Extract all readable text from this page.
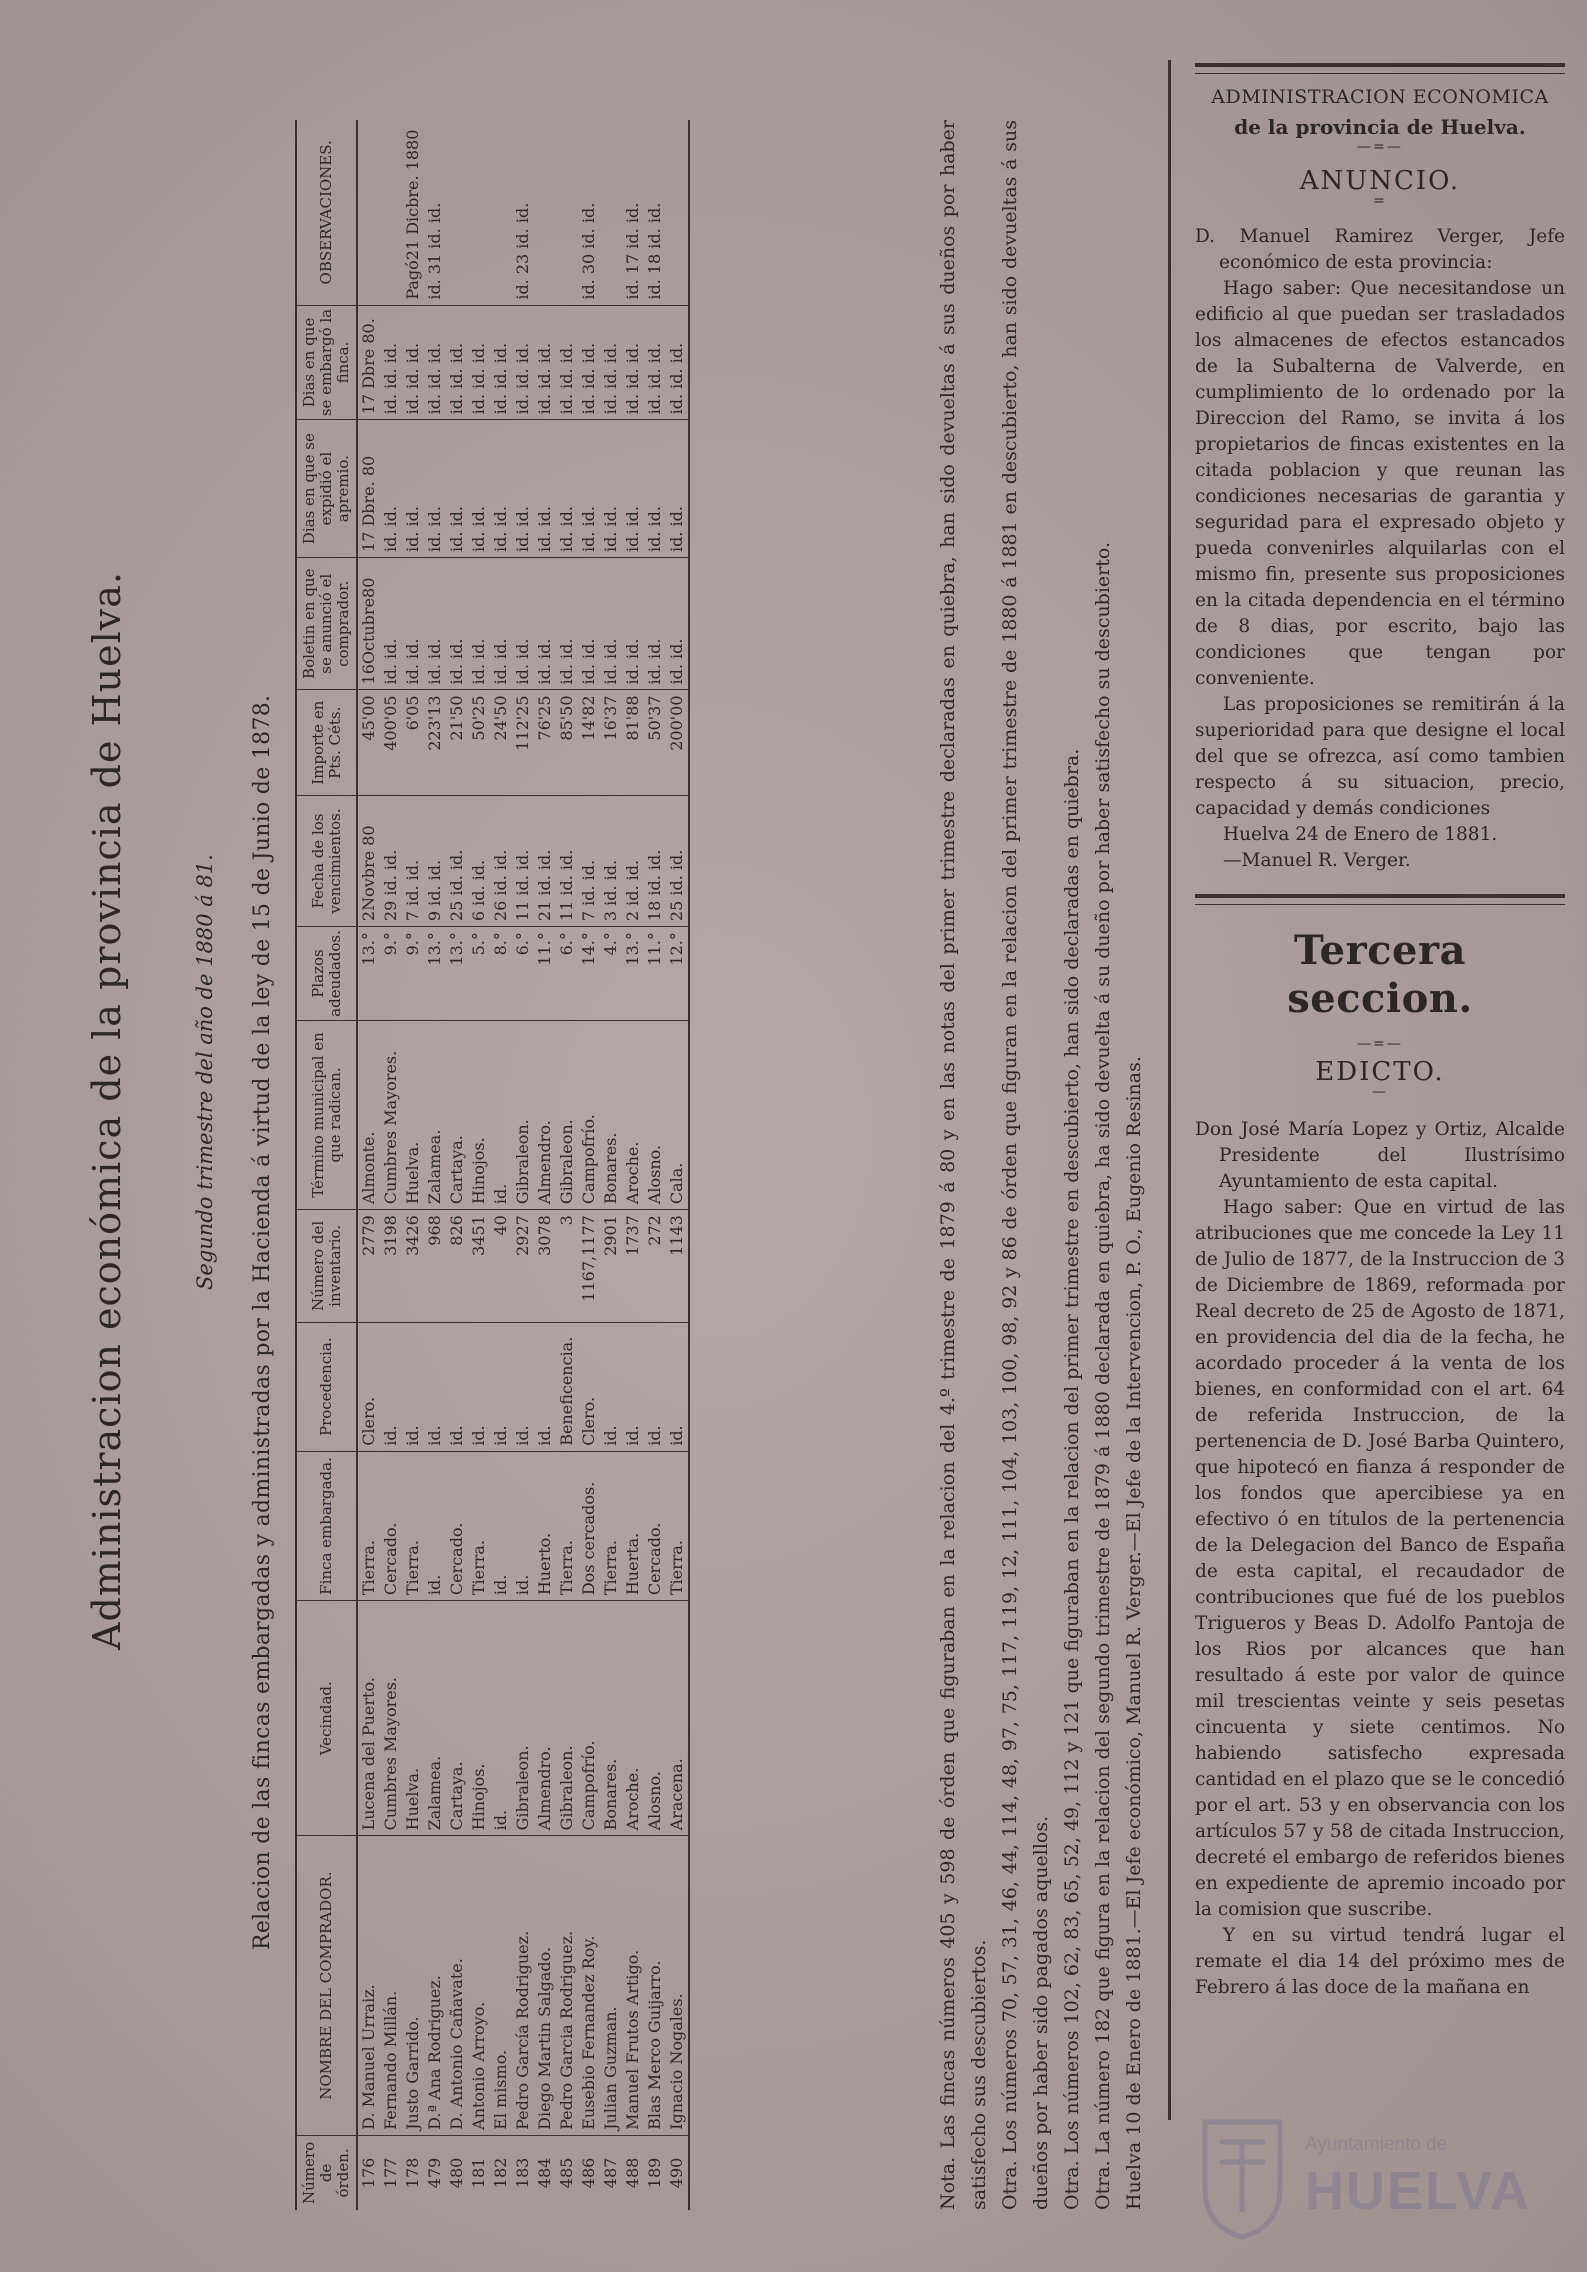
Administracion económica de la provincia de Huelva.	Segundo trimestre del año de 1880 á 81. Relacion de las fincas embargadas y administradas por la Hacienda á virtud de la ley de 15 de Junio de 1878.
Número de órden.	NOMBRE DEL COMPRADOR.	Vecindad.	Finca embargada.	Procedencia.	Número del inventario.	Término municipal en que radican.	Plazos adeudados.	Fecha de los vencimientos.	Importe en Pts. Céts.	Boletin en que se anunció el comprador.	Dias en que se expidió el apremio.	Dias en que se embargó la finca.	OBSERVACIONES.
176	D. Manuel Urraiz.	Lucena del Puerto.	Tierra.	Clero.	2779	Almonte.	13.°	2Novbre 80	45'00	16Octubre80	17 Dbre. 80	17 Dbre 80.	
177	Fernando Millán.	Cumbres Mayores.	Cercado.	id.	3198	Cumbres Mayores.	9.°	29 id. id.	400'05	id. id.	id. id.	id. id. id.	
178	Justo Garrido.	Huelva.	Tierra.	id.	3426	Huelva.	9.°	7 id. id.	6'05	id. id.	id. id.	id. id. id.	Pagó21 Dicbre. 1880
479	D.ª Ana Rodriguez.	Zalamea.	id.	id.	968	Zalamea.	13.°	9 id. id.	223'13	id. id.	id. id.	id. id. id.	id. 31 id. id.
480	D. Antonio Cañavate.	Cartaya.	Cercado.	id.	826	Cartaya.	13.°	25 id. id.	21'50	id. id.	id. id.	id. id. id.	
181	Antonio Arroyo.	Hinojos.	Tierra.	id.	3451	Hinojos.	5.°	6 id. id.	50'25	id. id.	id. id.	id. id. id.	
182	El mismo.	id.	id.	id.	40	id.	8.°	26 id. id.	24'50	id. id.	id. id.	id. id. id.	
183	Pedro García Rodriguez.	Gibraleon.	id.	id.	2927	Gibraleon.	6.°	11 id. id.	112'25	id. id.	id. id.	id. id. id.	id. 23 id. id.
484	Diego Martin Salgado.	Almendro.	Huerto.	id.	3078	Almendro.	11.°	21 id. id.	76'25	id. id.	id. id.	id. id. id.	
485	Pedro Garcia Rodriguez.	Gibraleon.	Tierra.	Beneficencia.	3	Gibraleon.	6.°	11 id. id.	85'50	id. id.	id. id.	id. id. id.	
486	Eusebio Fernandez Roy.	Campofrío.	Dos cercados.	Clero.	1167,1177	Campofrío.	14.°	7 id. id.	14'82	id. id.	id. id.	id. id. id.	id. 30 id. id.
487	Julian Guzman.	Bonares.	Tierra.	id.	2901	Bonares.	4.°	3 id. id.	16'37	id. id.	id. id.	id. id. id.	
488	Manuel Frutos Artigo.	Aroche.	Huerta.	id.	1737	Aroche.	13.°	2 id. id.	81'88	id. id.	id. id.	id. id. id.	id. 17 id. id.
189	Blas Merco Guijarro.	Alosno.	Cercado.	id.	272	Alosno.	11.°	18 id. id.	50'37	id. id.	id. id.	id. id. id.	id. 18 id. id.
490	Ignacio Nogales.	Aracena.	Tierra.	id.	1143	Cala.	12.°	25 id. id.	200'00	id. id.	id. id.	id. id. id.		Nota. Las fincas números 405 y 598 de órden que figuraban en la relacion del 4.º trimestre de 1879 á 80 y en las notas del primer trimestre declaradas en quiebra, han sido devueltas á sus dueños por haber satisfecho sus descubiertos. Otra. Los números 70, 57, 31, 46, 44, 114, 48, 97, 75, 117, 119, 12, 111, 104, 103, 100, 98, 92 y 86 de órden que figuran en la relacion del primer trimestre de 1880 á 1881 en descubierto, han sido devueltas á sus dueños por haber sido pagados aquellos. Otra. Los números 102, 62, 83, 65, 52, 49, 112 y 121 que figuraban en la relacion del primer trimestre en descubierto, han sido declaradas en quiebra. Otra. La número 182 que figura en la relacion del segundo trimestre de 1879 á 1880 declarada en quiebra, ha sido devuelta á su dueño por haber satisfecho su descubierto. Huelva 10 de Enero de 1881.—El Jefe económico, Manuel R. Verger.—El Jefe de la Intervencion, P. O., Eugenio Resinas.

ADMINISTRACION ECONOMICA
de la provincia de Huelva.
—=—
ANUNCIO.
=

D. Manuel Ramirez Verger, Jefe económico de esta provincia:

Hago saber: Que necesitandose un edificio al que puedan ser trasladados los almacenes de efectos estancados de la Subalterna de Valverde, en cumplimiento de lo ordenado por la Direccion del Ramo, se invita á los propietarios de fincas existentes en la citada poblacion y que reunan las condiciones necesarias de garantia y seguridad para el expresado objeto y pueda convenirles alquilarlas con el mismo fin, presente sus proposiciones en la citada dependencia en el término de 8 dias, por escrito, bajo las condiciones que tengan por conveniente.

Las proposiciones se remitirán á la superioridad para que designe el local del que se ofrezca, así como tambien respecto á su situacion, precio, capacidad y demás condiciones

Huelva 24 de Enero de 1881.

—Manuel R. Verger.

Tercera seccion.
—=—
EDICTO.
—

Don José María Lopez y Ortiz, Alcalde Presidente del Ilustrísimo Ayuntamiento de esta capital.

Hago saber: Que en virtud de las atribuciones que me concede la Ley 11 de Julio de 1877, de la Instruccion de 3 de Diciembre de 1869, reformada por Real decreto de 25 de Agosto de 1871, en providencia del dia de la fecha, he acordado proceder á la venta de los bienes, en conformidad con el art. 64 de referida Instruccion, de la pertenencia de D. José Barba Quintero, que hipotecó en fianza á responder de los fondos que apercibiese ya en efectivo ó en títulos de la pertenencia de la Delegacion del Banco de España de esta capital, el recaudador de contribuciones que fué de los pueblos Trigueros y Beas D. Adolfo Pantoja de los Rios por alcances que han resultado á este por valor de quince mil trescientas veinte y seis pesetas cincuenta y siete centimos. No habiendo satisfecho expresada cantidad en el plazo que se le concedió por el art. 53 y en observancia con los artículos 57 y 58 de citada Instruccion, decreté el embargo de referidos bienes en expediente de apremio incoado por la comision que suscribe.

Y en su virtud tendrá lugar el remate el dia 14 del próximo mes de Febrero á las doce de la mañana en

Ayuntamiento de
HUELVA
